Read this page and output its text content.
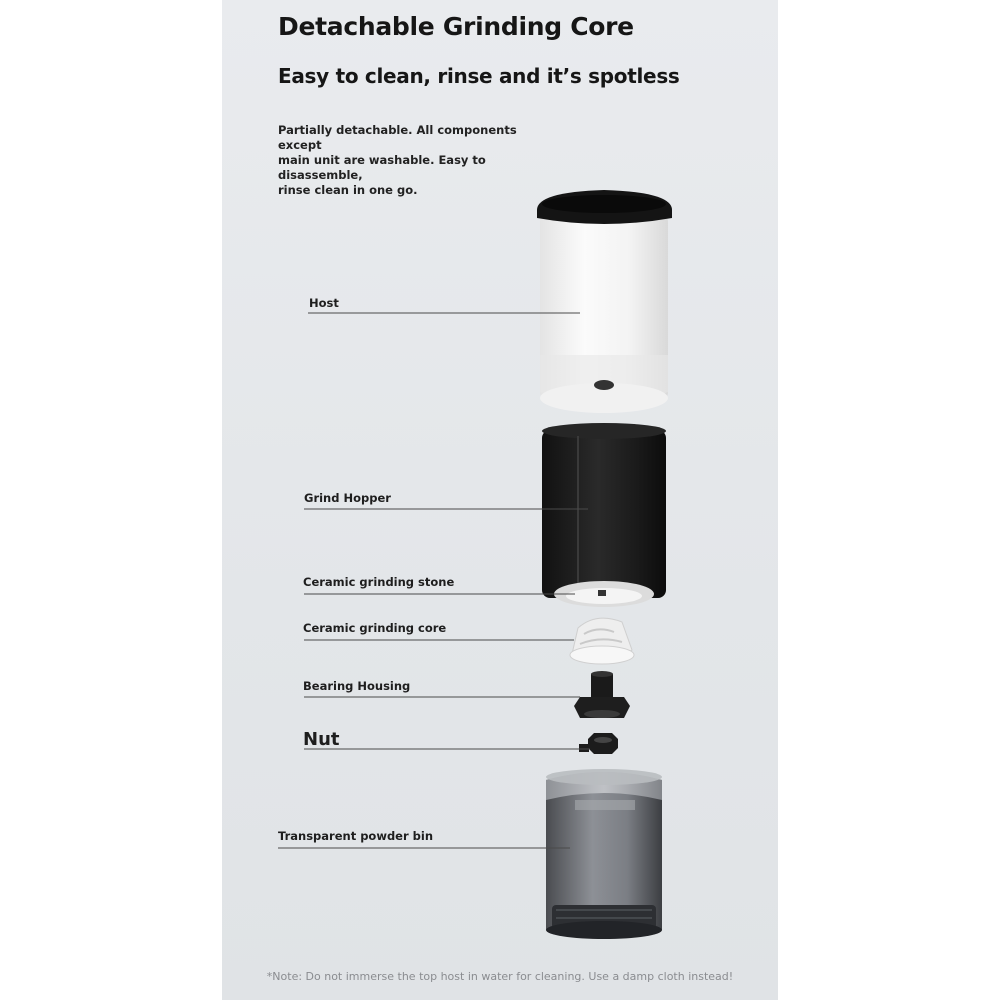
Detachable Grinding Core
Easy to clean, rinse and it’s spotless
Partially detachable. All components except
main unit are washable. Easy to disassemble,
rinse clean in one go.
Host
Grind Hopper
Ceramic grinding stone
Ceramic grinding core
Bearing Housing
Nut
Transparent powder bin
*Note: Do not immerse the top host in water for cleaning. Use a damp cloth instead!
